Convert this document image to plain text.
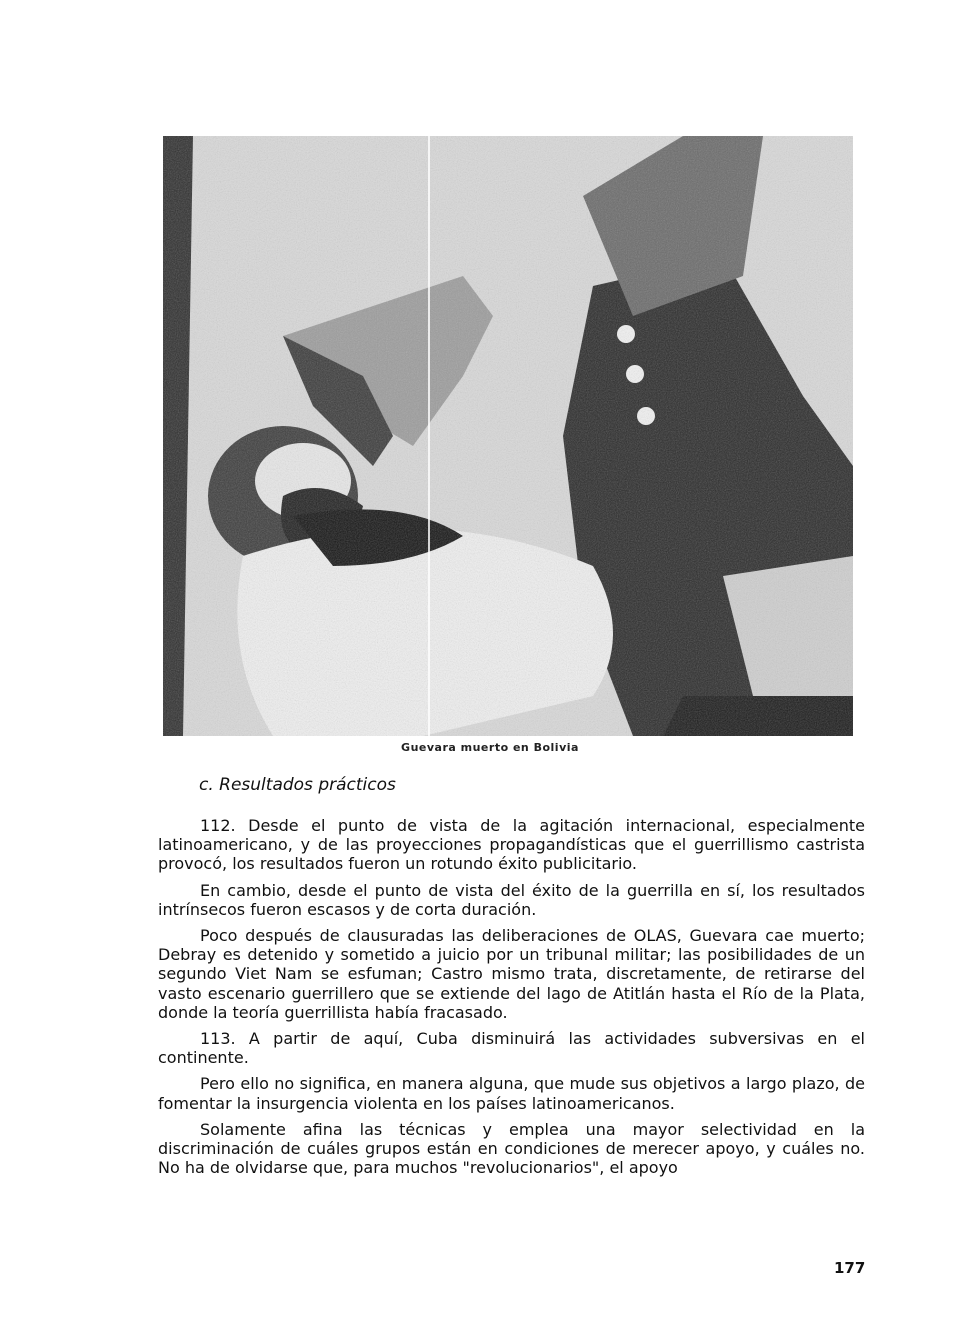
Guevara muerto en Bolivia
c. Resultados prácticos

112. Desde el punto de vista de la agitación internacional, especialmente latinoamericano, y de las proyecciones propagandísticas que el guerrillismo castrista provocó, los resultados fueron un rotundo éxito publicitario.

En cambio, desde el punto de vista del éxito de la guerrilla en sí, los resultados intrínsecos fueron escasos y de corta duración.

Poco después de clausuradas las deliberaciones de OLAS, Guevara cae muerto; Debray es detenido y sometido a juicio por un tribunal militar; las posibilidades de un segundo Viet Nam se esfuman; Castro mismo trata, discretamente, de retirarse del vasto escenario guerrillero que se extiende del lago de Atitlán hasta el Río de la Plata, donde la teoría guerrillista había fracasado.

113. A partir de aquí, Cuba disminuirá las actividades subversivas en el continente.

Pero ello no significa, en manera alguna, que mude sus objetivos a largo plazo, de fomentar la insurgencia violenta en los países latinoamericanos.

Solamente afina las técnicas y emplea una mayor selectividad en la discriminación de cuáles grupos están en condiciones de merecer apoyo, y cuáles no. No ha de olvidarse que, para muchos "revolucionarios", el apoyo

177
